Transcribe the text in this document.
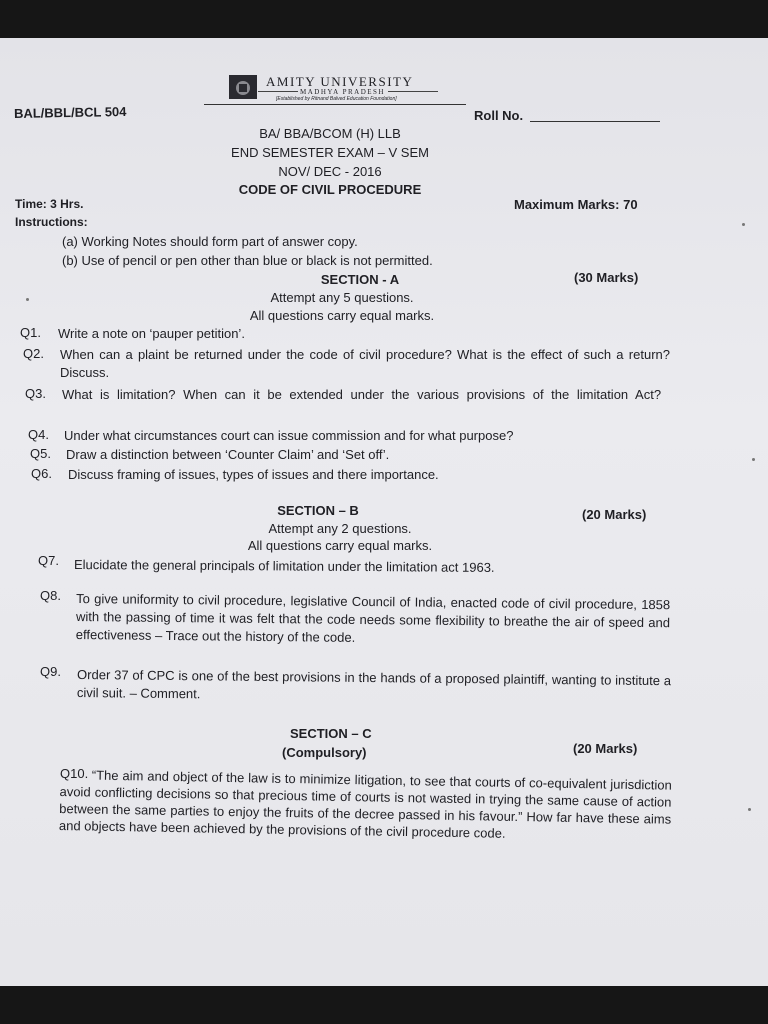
AMITY UNIVERSITY
MADHYA PRADESH
[Established by Ritnand Balved Education Foundation]
BAL/BBL/BCL 504	Roll No.
BA/ BBA/BCOM (H) LLB
END SEMESTER EXAM – V SEM
NOV/ DEC - 2016
CODE OF CIVIL PROCEDURE
Time: 3 Hrs.	Maximum Marks: 70
Instructions:
(a) Working Notes should form part of answer copy.
(b) Use of pencil or pen other than blue or black is not permitted.
SECTION - A	(30 Marks)
Attempt any 5 questions.
All questions carry equal marks.
Q1. Write a note on ‘pauper petition’.
Q2. When can a plaint be returned under the code of civil procedure? What is the effect of such a return? Discuss.
Q3. What is limitation? When can it be extended under the various provisions of the limitation Act?
Q4. Under what circumstances court can issue commission and for what purpose?
Q5. Draw a distinction between ‘Counter Claim’ and ‘Set off’.
Q6. Discuss framing of issues, types of issues and there importance.
SECTION – B	(20 Marks)
Attempt any 2 questions.
All questions carry equal marks.
Q7. Elucidate the general principals of limitation under the limitation act 1963.
Q8. To give uniformity to civil procedure, legislative Council of India, enacted code of civil procedure, 1858 with the passing of time it was felt that the code needs some flexibility to breathe the air of speed and effectiveness – Trace out the history of the code.
Q9. Order 37 of CPC is one of the best provisions in the hands of a proposed plaintiff, wanting to institute a civil suit. – Comment.
SECTION – C
(Compulsory)	(20 Marks)
Q10. “The aim and object of the law is to minimize litigation, to see that courts of co-equivalent jurisdiction avoid conflicting decisions so that precious time of courts is not wasted in trying the same cause of action between the same parties to enjoy the fruits of the decree passed in his favour.” How far have these aims and objects have been achieved by the provisions of the civil procedure code.
